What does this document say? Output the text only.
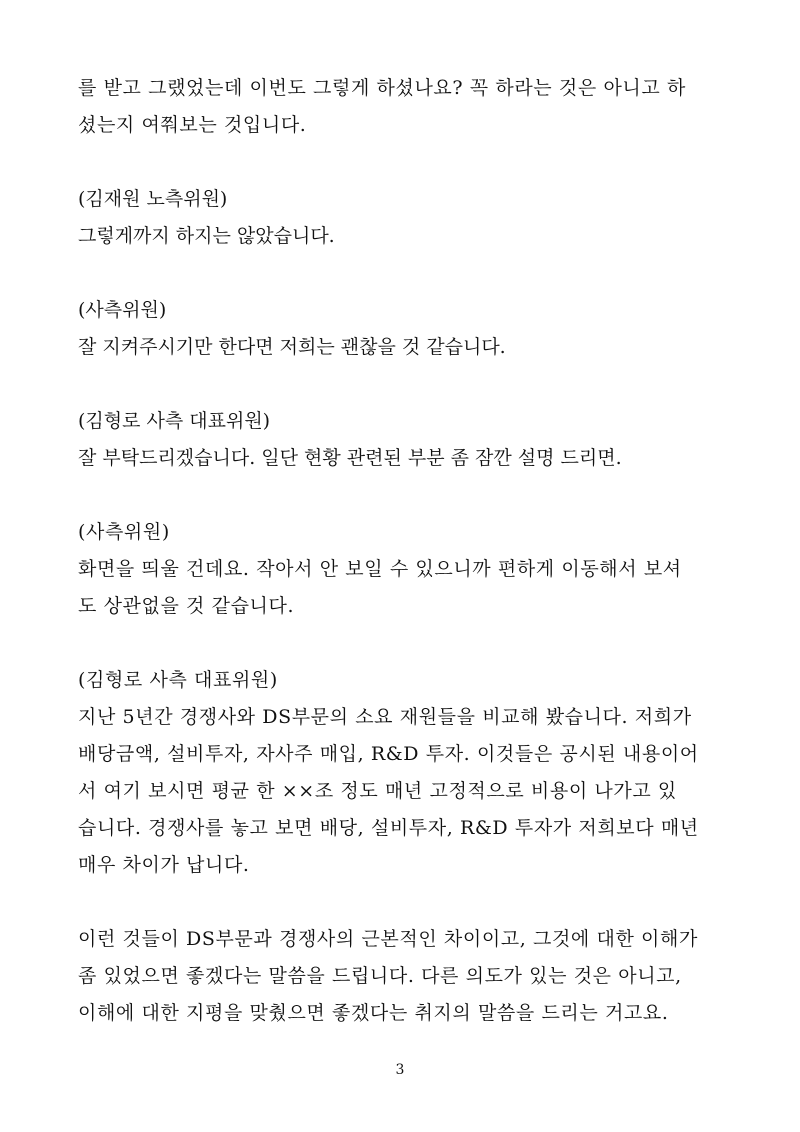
를 받고 그랬었는데 이번도 그렇게 하셨나요? 꼭 하라는 것은 아니고 하
셨는지 여쭤보는 것입니다.
(김재원 노측위원)
그렇게까지 하지는 않았습니다.
(사측위원)
잘 지켜주시기만 한다면 저희는 괜찮을 것 같습니다.
(김형로 사측 대표위원)
잘 부탁드리겠습니다. 일단 현황 관련된 부분 좀 잠깐 설명 드리면.
(사측위원)
화면을 띄울 건데요. 작아서 안 보일 수 있으니까 편하게 이동해서 보셔
도 상관없을 것 같습니다.
(김형로 사측 대표위원)
지난 5년간 경쟁사와 DS부문의 소요 재원들을 비교해 봤습니다. 저희가
배당금액, 설비투자, 자사주 매입, R&D 투자. 이것들은 공시된 내용이어
서 여기 보시면 평균 한 ××조 정도 매년 고정적으로 비용이 나가고 있
습니다. 경쟁사를 놓고 보면 배당, 설비투자, R&D 투자가 저희보다 매년
매우 차이가 납니다.
이런 것들이 DS부문과 경쟁사의 근본적인 차이이고, 그것에 대한 이해가
좀 있었으면 좋겠다는 말씀을 드립니다. 다른 의도가 있는 것은 아니고,
이해에 대한 지평을 맞췄으면 좋겠다는 취지의 말씀을 드리는 거고요.
3
